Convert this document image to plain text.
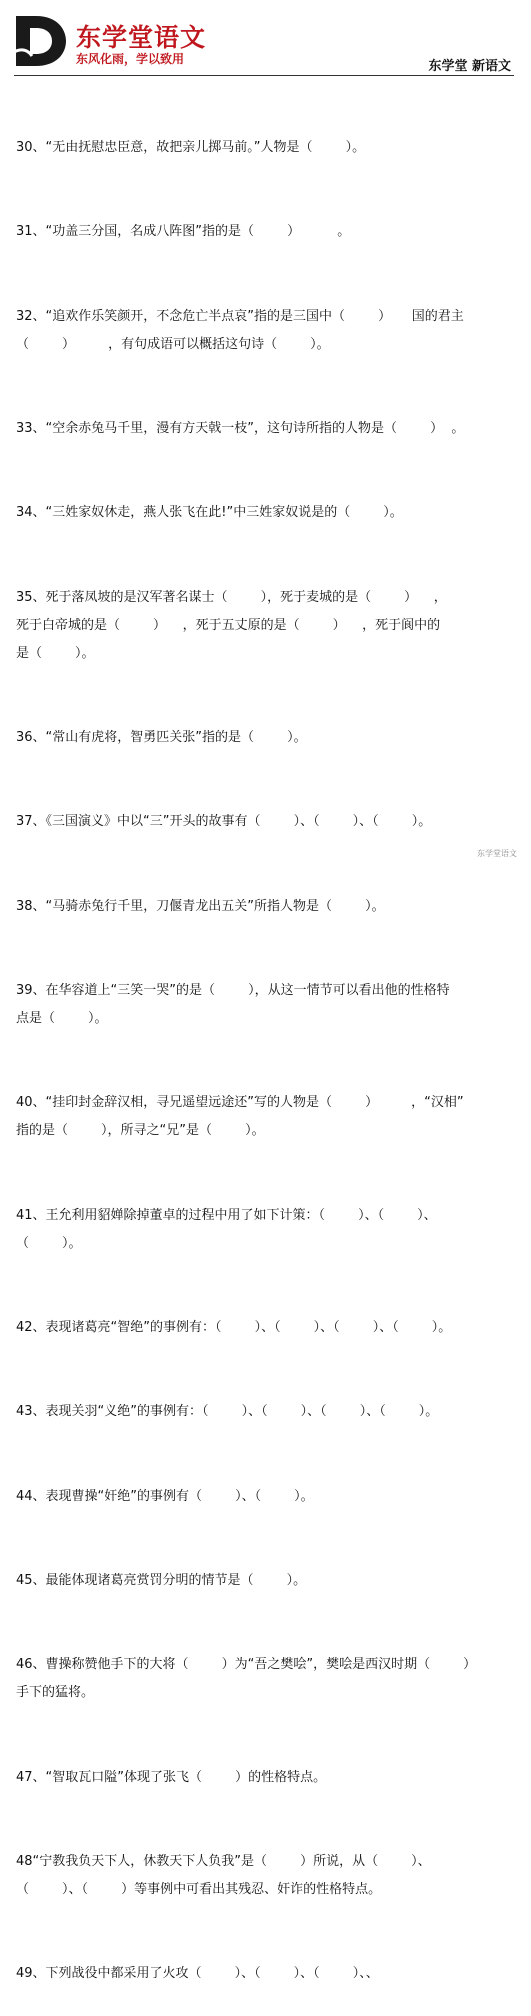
东学堂语文
东风化雨，学以致用	东学堂 新语文

30、“无由抚慰忠臣意，故把亲儿掷马前。”人物是（        ）。

31、“功盖三分国，名成八阵图”指的是（        ）         。

32、“追欢作乐笑颜开，不念危亡半点哀”指的是三国中（        ）     国的君主
（        ）        ，有句成语可以概括这句诗（        ）。

33、“空余赤兔马千里，漫有方天戟一枝”，这句诗所指的人物是（        ）  。

34、“三姓家奴休走，燕人张飞在此!”中三姓家奴说是的（        ）。

35、死于落凤坡的是汉军著名谋士（        ），死于麦城的是（        ）    ，
死于白帝城的是（        ）    ，死于五丈原的是（        ）    ，死于阆中的
是（        ）。

36、“常山有虎将，智勇匹关张”指的是（        ）。

37、《三国演义》中以“三”开头的故事有（        ）、（        ）、（        ）。

38、“马骑赤兔行千里，刀偃青龙出五关”所指人物是（        ）。

39、在华容道上“三笑一哭”的是（        ），从这一情节可以看出他的性格特
点是（        ）。

40、“挂印封金辞汉相，寻兄遥望远途还”写的人物是（        ）        ，“汉相”
指的是（        ），所寻之“兄”是（        ）。

41、王允利用貂婵除掉董卓的过程中用了如下计策：（        ）、（        ）、
（        ）。

42、表现诸葛亮“智绝”的事例有：（        ）、（        ）、（        ）、（        ）。

43、表现关羽“义绝”的事例有：（        ）、（        ）、（        ）、（        ）。

44、表现曹操“奸绝”的事例有（        ）、（        ）。

45、最能体现诸葛亮赏罚分明的情节是（        ）。

46、曹操称赞他手下的大将（        ）为“吾之樊哙”，樊哙是西汉时期（        ）
手下的猛将。

47、“智取瓦口隘”体现了张飞（        ）的性格特点。

48“宁教我负天下人，休教天下人负我”是（        ）所说，从（        ）、
（        ）、（        ）等事例中可看出其残忍、奸诈的性格特点。

49、下列战役中都采用了火攻（        ）、（        ）、（        ）、、

东学堂语文
